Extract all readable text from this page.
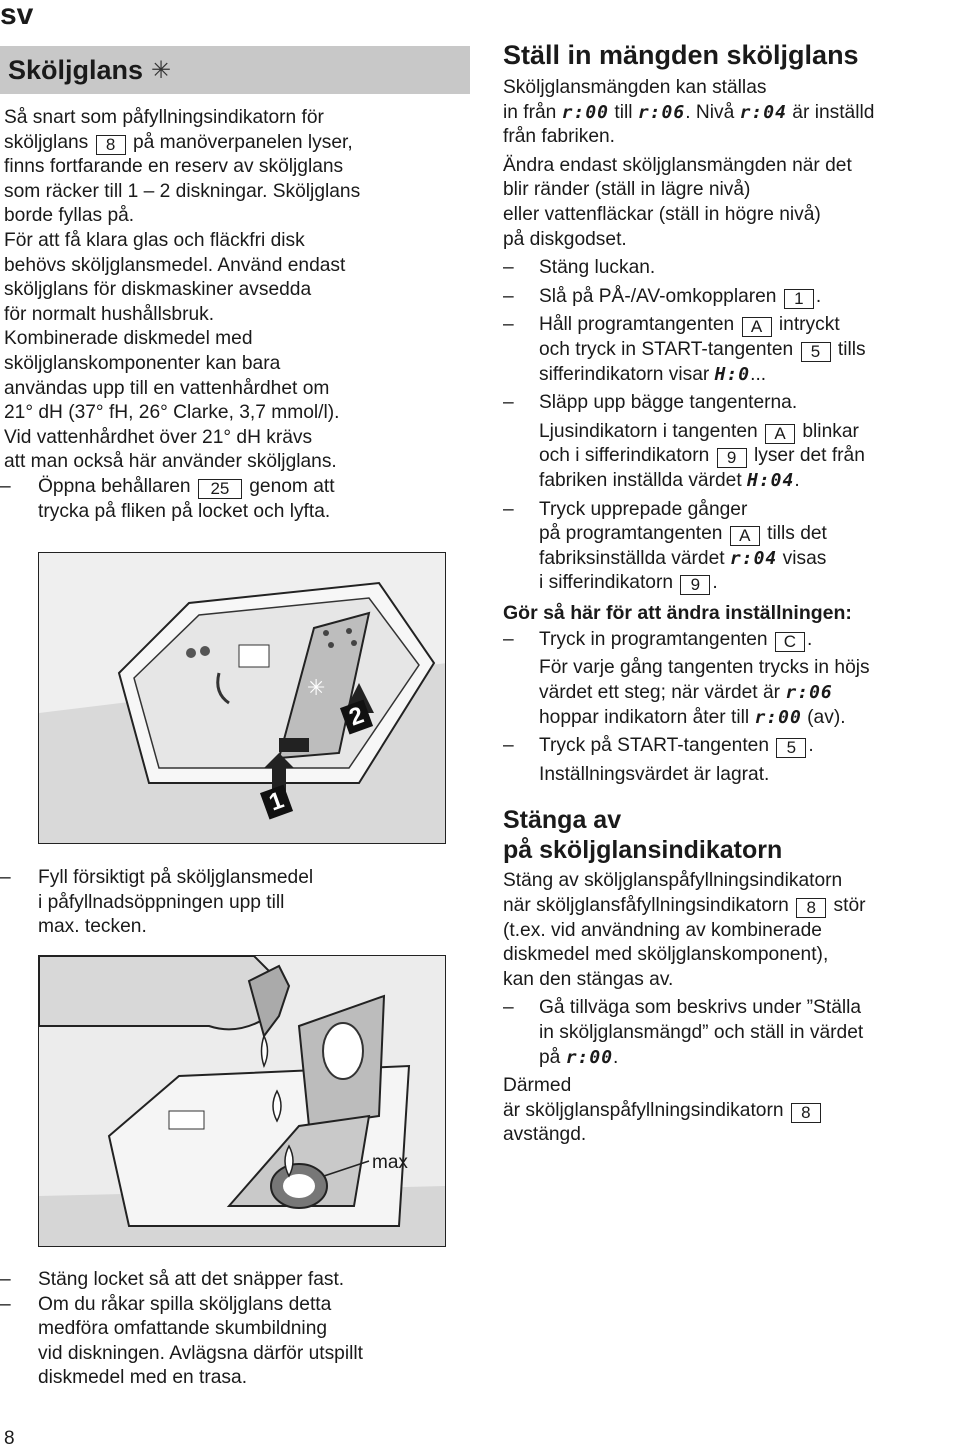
sv
Sköljglans ✳

Så snart som påfyllningsindikatorn för
sköljglans 8 på manöverpanelen lyser,
finns fortfarande en reserv av sköljglans
som räcker till 1 – 2 diskningar. Sköljglans
borde fyllas på.

För att få klara glas och fläckfri disk
behövs sköljglansmedel. Använd endast
sköljglans för diskmaskiner avsedda
för normalt hushållsbruk.

Kombinerade diskmedel med
sköljglanskomponenter kan bara
användas upp till en vattenhårdhet om
21° dH (37° fH, 26° Clarke, 3,7 mmol/l).
Vid vattenhårdhet över 21° dH krävs
att man också här använder sköljglans.

– Öppna behållaren 25 genom att
trycka på fliken på locket och lyfta.
✳
1
2
– Fyll försiktigt på sköljglansmedel
i påfyllnadsöppningen upp till
max. tecken.
max
– Stäng locket så att det snäpper fast.
– Om du råkar spilla sköljglans detta
medföra omfattande skumbildning
vid diskningen. Avlägsna därför utspillt
diskmedel med en trasa.
8
Ställ in mängden sköljglans

Sköljglansmängden kan ställas
in från r:00 till r:06. Nivå r:04 är inställd
från fabriken.

Ändra endast sköljglansmängden när det
blir ränder (ställ in lägre nivå)
eller vattenfläckar (ställ in högre nivå)
på diskgodset.

– Stäng luckan.
– Slå på PÅ-/AV-omkopplaren 1 .
– Håll programtangenten A intryckt
och tryck in START-tangenten 5 tills
sifferindikatorn visar H:0...
– Släpp upp bägge tangenterna.
Ljusindikatorn i tangenten A blinkar
och i sifferindikatorn 9 lyser det från
fabriken inställda värdet H:04.
– Tryck upprepade gånger
på programtangenten A tills det
fabriksinställda värdet r:04 visas
i sifferindikatorn 9 .
Gör så här för att ändra inställningen:
– Tryck in programtangenten C .
För varje gång tangenten trycks in höjs
värdet ett steg; när värdet är r:06
hoppar indikatorn åter till r:00 (av).
– Tryck på START-tangenten 5 .
Inställningsvärdet är lagrat.
Stänga av
på sköljglansindikatorn

Stäng av sköljglanspåfyllningsindikatorn
när sköljglansfåfyllningsindikatorn 8 stör
(t.ex. vid användning av kombinerade
diskmedel med sköljglanskomponent),
kan den stängas av.

– Gå tillväga som beskrivs under ”Ställa
in sköljglansmängd” och ställ in värdet
på r:00.

Därmed
är sköljglanspåfyllningsindikatorn 8
avstängd.
